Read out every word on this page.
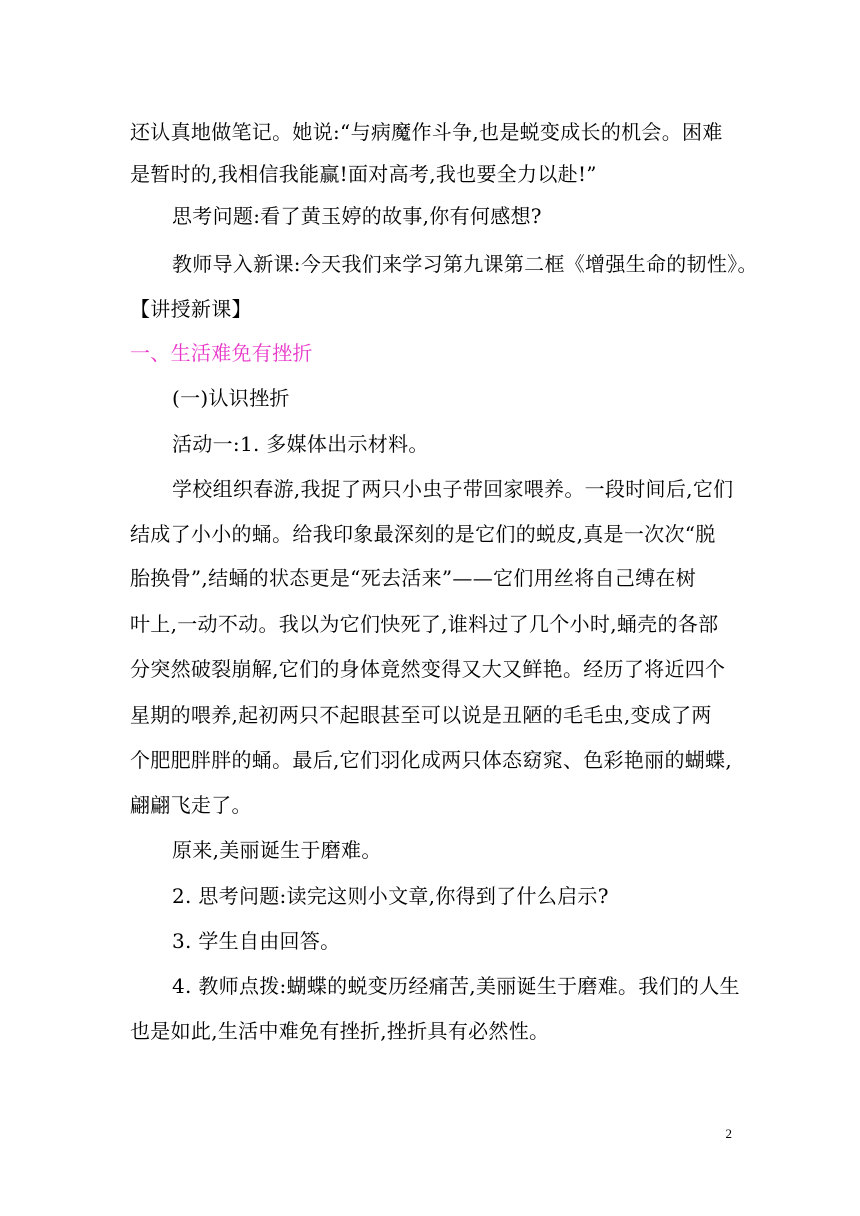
还认真地做笔记。她说:“与病魔作斗争,也是蜕变成长的机会。困难
是暂时的,我相信我能赢!面对高考,我也要全力以赴!”
思考问题:看了黄玉婷的故事,你有何感想?
教师导入新课:今天我们来学习第九课第二框《增强生命的韧性》。
【讲授新课】
一、生活难免有挫折
(一)认识挫折
活动一:1. 多媒体出示材料。
学校组织春游,我捉了两只小虫子带回家喂养。一段时间后,它们
结成了小小的蛹。给我印象最深刻的是它们的蜕皮,真是一次次“脱
胎换骨”,结蛹的状态更是“死去活来”——它们用丝将自己缚在树
叶上,一动不动。我以为它们快死了,谁料过了几个小时,蛹壳的各部
分突然破裂崩解,它们的身体竟然变得又大又鲜艳。经历了将近四个
星期的喂养,起初两只不起眼甚至可以说是丑陋的毛毛虫,变成了两
个肥肥胖胖的蛹。最后,它们羽化成两只体态窈窕、色彩艳丽的蝴蝶,
翩翩飞走了。
原来,美丽诞生于磨难。
2. 思考问题:读完这则小文章,你得到了什么启示?
3. 学生自由回答。
4. 教师点拨:蝴蝶的蜕变历经痛苦,美丽诞生于磨难。我们的人生
也是如此,生活中难免有挫折,挫折具有必然性。
2
